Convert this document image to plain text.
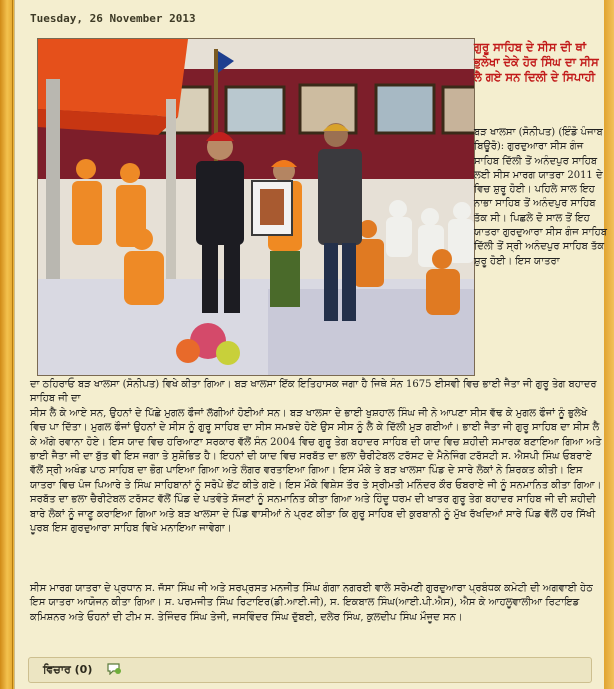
Tuesday, 26 November 2013
ਗੁਰੂ ਸਾਹਿਬ ਦੇ ਸੀਸ ਦੀ ਥਾਂ ਭੁਲੇਖਾ ਦੇਕੇ ਹੋਰ ਸਿੰਘ ਦਾ ਸੀਸ ਲੈ ਗਏ ਸਨ ਦਿਲੀ ਦੇ ਸਿਪਾਹੀ
ਬੜ ਖਾਲਸਾ (ਸੋਨੀਪਤ) (ਇੰਡੋ ਪੰਜਾਬ ਬਿਊਰੋ): ਗੁਰਦੁਆਰਾ ਸੀਸ ਗੰਜ ਸਾਹਿਬ ਦਿੱਲੀ ਤੋਂ ਅਨੰਦਪੁਰ ਸਾਹਿਬ ਲਈ ਸੀਸ ਮਾਰਗ ਯਾਤਰਾ 2011 ਦੇ ਵਿਚ ਸ਼ੁਰੂ ਹੋਈ। ਪਹਿਲੇ ਸਾਲ ਇਹ ਨਾਭਾ ਸਾਹਿਬ ਤੋਂ ਅਨੰਦਪੁਰ ਸਾਹਿਬ ਤੱਕ ਸੀ। ਪਿਛਲੇ ਦੋ ਸਾਲ ਤੋਂ ਇਹ ਯਾਤਰਾ ਗੁਰਦੁਆਰਾ ਸੀਸ ਗੰਜ ਸਾਹਿਬ ਦਿੱਲੀ ਤੋਂ ਸ੍ਰੀ ਅਨੰਦਪੁਰ ਸਾਹਿਬ ਤੱਕ ਸ਼ੁਰੂ ਹੋਈ। ਇਸ ਯਾਤਰਾ
ਦਾ ਠਹਿਰਾਓ ਬੜ ਖਾਲਸਾ (ਸੋਨੀਪਤ) ਵਿਖੇ ਕੀਤਾ ਗਿਆ। ਬੜ ਖਾਲਸਾ ਇੱਕ ਇਤਿਹਾਸਕ ਜਗਾ ਹੈ ਜਿਥੇ ਸੰਨ 1675 ਈਸਵੀ ਵਿਚ ਭਾਈ ਜੈਤਾ ਜੀ ਗੁਰੂ ਤੇਗ ਬਹਾਦਰ ਸਾਹਿਬ ਜੀ ਦਾ
ਸੀਸ ਲੈ ਕੇ ਆਏ ਸਨ, ਉਹਨਾਂ ਦੇ ਪਿੱਛੇ ਮੁਗਲ ਫੌਜਾਂ ਲੱਗੀਆਂ ਹੋਈਆਂ ਸਨ। ਬੜ ਖਾਲਸਾ ਦੇ ਭਾਈ ਖੁਸ਼ਹਾਲ ਸਿੰਘ ਜੀ ਨੇ ਆਪਣਾ ਸੀਸ ਵੱਢ ਕੇ ਮੁਗਲ ਫੌਜਾਂ ਨੂੰ ਭੁਲੇਖੇ ਵਿਚ ਪਾ ਦਿੱਤਾ। ਮੁਗਲ ਫੌਜਾਂ ਉਹਨਾਂ ਦੇ ਸੀਸ ਨੂੰ ਗੁਰੂ ਸਾਹਿਬ ਦਾ ਸੀਸ ਸਮਝਦੇ ਹੋਏ ਉਸ ਸੀਸ ਨੂੰ ਲੈ ਕੇ ਦਿੱਲੀ ਮੁੜ ਗਈਆਂ। ਭਾਈ ਜੈਤਾ ਜੀ ਗੁਰੂ ਸਾਹਿਬ ਦਾ ਸੀਸ ਲੈ ਕੇ ਅੱਗੇ ਰਵਾਨਾ ਹੋਏ। ਇਸ ਯਾਦ ਵਿਚ ਹਰਿਆਣਾ ਸਰਕਾਰ ਵੱਲੋਂ ਸੰਨ 2004 ਵਿਚ ਗੁਰੂ ਤੇਗ ਬਹਾਦਰ ਸਾਹਿਬ ਦੀ ਯਾਦ ਵਿਚ ਸ਼ਹੀਦੀ ਸਮਾਰਕ ਬਣਾਇਆ ਗਿਆ ਅਤੇ ਭਾਈ ਜੈਤਾ ਜੀ ਦਾ ਬੁੱਤ ਵੀ ਇਸ ਜਗਾ ਤੇ ਸੁਸ਼ੋਭਿਤ ਹੈ। ਇਹਨਾਂ ਦੀ ਯਾਦ ਵਿਚ ਸਰਬੱਤ ਦਾ ਭਲਾ ਚੈਰੀਟੇਬਲ ਟਰੱਸਟ ਦੇ ਮੈਨੇਜਿੰਗ ਟਰੱਸਟੀ ਸ. ਐਸਪੀ ਸਿੰਘ ਓਬਰਾਏ ਵੱਲੋਂ ਸ੍ਰੀ ਅਖੰਡ ਪਾਠ ਸਾਹਿਬ ਦਾ ਭੋਗ ਪਾਇਆ ਗਿਆ ਅਤੇ ਲੰਗਰ ਵਰਤਾਇਆ ਗਿਆ। ਇਸ ਮੌਕੇ ਤੇ ਬੜ ਖਾਲਸਾ ਪਿੰਡ ਦੇ ਸਾਰੇ ਲੋਕਾਂ ਨੇ ਸ਼ਿਰਕਤ ਕੀਤੀ। ਇਸ ਯਾਤਰਾ ਵਿਚ ਪੰਜ ਪਿਆਰੇ ਤੇ ਸਿੰਘ ਸਾਹਿਬਾਨਾਂ ਨੂੰ ਸਰੋਪੇ ਭੇਂਟ ਕੀਤੇ ਗਏ। ਇਸ ਮੌਕੇ ਵਿਸ਼ੇਸ ਤੌਰ ਤੇ ਸ੍ਰੀਮਤੀ ਮਨਿੰਦਰ ਕੌਰ ਓਬਰਾਏ ਜੀ ਨੂੰ ਸਨਮਾਨਿਤ ਕੀਤਾ ਗਿਆ। ਸਰਬੱਤ ਦਾ ਭਲਾ ਚੈਰੀਟੇਬਲ ਟਰੱਸਟ ਵੱਲੋਂ ਪਿੰਡ ਦੇ ਪਤਵੰਤੇ ਸੱਜਣਾਂ ਨੂੰ ਸਨਮਾਨਿਤ ਕੀਤਾ ਗਿਆ ਅਤੇ ਹਿੰਦੂ ਧਰਮ ਦੀ ਖਾਤਰ ਗੁਰੂ ਤੇਗ ਬਹਾਦਰ ਸਾਹਿਬ ਜੀ ਦੀ ਸ਼ਹੀਦੀ ਬਾਰੇ ਲੋਕਾਂ ਨੂੰ ਜਾਣੂ ਕਰਾਇਆ ਗਿਆ ਅਤੇ ਬੜ ਖਾਲਸਾ ਦੇ ਪਿੰਡ ਵਾਸੀਆਂ ਨੇ ਪ੍ਰਣ ਕੀਤਾ ਕਿ ਗੁਰੂ ਸਾਹਿਬ ਦੀ ਕੁਰਬਾਨੀ ਨੂੰ ਮੁੱਖ ਰੱਖਦਿਆਂ ਸਾਰੇ ਪਿੰਡ ਵੱਲੋਂ ਹਰ ਸਿੱਖੀ ਪੂਰਬ ਇਸ ਗੁਰਦੁਆਰਾ ਸਾਹਿਬ ਵਿਖੇ ਮਨਾਇਆ ਜਾਵੇਗਾ।
ਸੀਸ ਮਾਰਗ ਯਾਤਰਾ ਦੇ ਪ੍ਰਧਾਨ ਸ. ਜੱਸਾ ਸਿੰਘ ਜੀ ਅਤੇ ਸਰਪ੍ਰਸਤ ਮਨਜੀਤ ਸਿੰਘ ਗੰਗਾ ਨਗਰਈ ਵਾਲੇ ਸਰੋਮਣੀ ਗੁਰਦੁਆਰਾ ਪ੍ਰਬੰਧਕ ਕਮੇਟੀ ਦੀ ਅਗਵਾਈ ਹੇਠ ਇਸ ਯਾਤਰਾ ਆਯੋਜਨ ਕੀਤਾ ਗਿਆ। ਸ. ਪਰਮਜੀਤ ਸਿੰਘ ਰਿਟਾਇਰ(ਡੀ.ਆਈ.ਜੀ), ਸ. ਇਕਬਾਲ ਸਿੰਘ(ਆਈ.ਪੀ.ਐਸ), ਐਸ ਕੇ ਆਹਲੂਵਾਲੀਆ ਰਿਟਾਇਡ ਕਮਿਸ਼ਨਰ ਅਤੇ ਓਹਨਾਂ ਦੀ ਟੀਮ ਸ. ਤੇਜਿੰਦਰ ਸਿੰਘ ਤੇਜੀ, ਜਸਵਿੰਦਰ ਸਿੰਘ ਦੁੱਬਈ, ਦਲੇਰ ਸਿੰਘ, ਕੁਲਦੀਪ ਸਿੰਘ ਮੌਜੂਦ ਸਨ।
ਵਿਚਾਰ (0)
